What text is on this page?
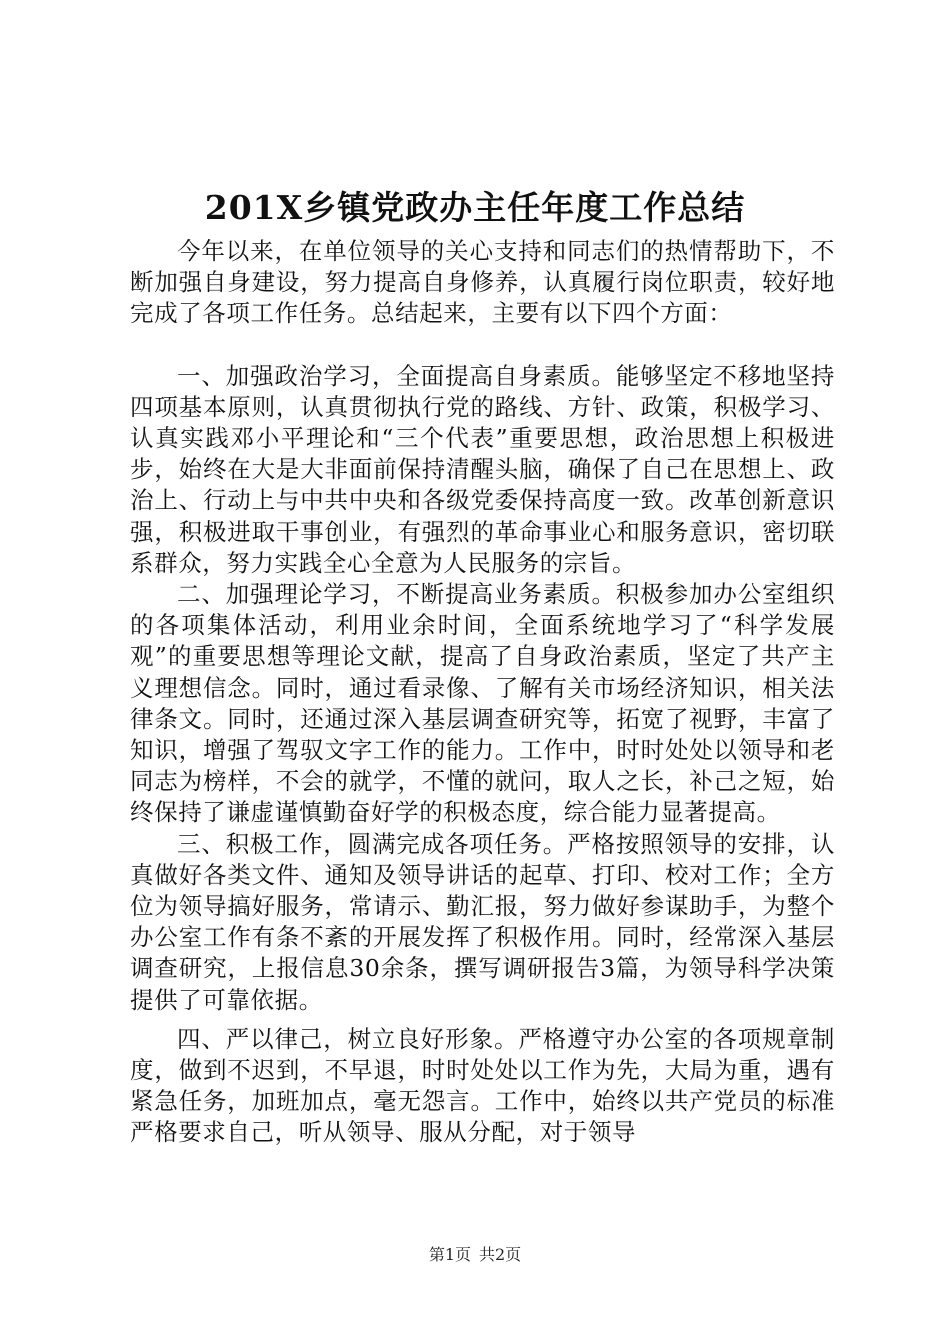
201X乡镇党政办主任年度工作总结

今年以来，在单位领导的关心支持和同志们的热情帮助下，不断加强自身建设，努力提高自身修养，认真履行岗位职责，较好地完成了各项工作任务。总结起来，主要有以下四个方面：

一、加强政治学习，全面提高自身素质。能够坚定不移地坚持四项基本原则，认真贯彻执行党的路线、方针、政策，积极学习、认真实践邓小平理论和“三个代表”重要思想，政治思想上积极进步，始终在大是大非面前保持清醒头脑，确保了自己在思想上、政治上、行动上与中共中央和各级党委保持高度一致。改革创新意识强，积极进取干事创业，有强烈的革命事业心和服务意识，密切联系群众，努力实践全心全意为人民服务的宗旨。

二、加强理论学习，不断提高业务素质。积极参加办公室组织的各项集体活动，利用业余时间，全面系统地学习了“科学发展观”的重要思想等理论文献，提高了自身政治素质，坚定了共产主义理想信念。同时，通过看录像、了解有关市场经济知识，相关法律条文。同时，还通过深入基层调查研究等，拓宽了视野，丰富了知识，增强了驾驭文字工作的能力。工作中，时时处处以领导和老同志为榜样，不会的就学，不懂的就问，取人之长，补己之短，始终保持了谦虚谨慎勤奋好学的积极态度，综合能力显著提高。

三、积极工作，圆满完成各项任务。严格按照领导的安排，认真做好各类文件、通知及领导讲话的起草、打印、校对工作；全方位为领导搞好服务，常请示、勤汇报，努力做好参谋助手，为整个办公室工作有条不紊的开展发挥了积极作用。同时，经常深入基层调查研究，上报信息30余条，撰写调研报告3篇，为领导科学决策提供了可靠依据。

四、严以律己，树立良好形象。严格遵守办公室的各项规章制度，做到不迟到，不早退，时时处处以工作为先，大局为重，遇有紧急任务，加班加点，毫无怨言。工作中，始终以共产党员的标准严格要求自己，听从领导、服从分配，对于领导

第1页 共2页
